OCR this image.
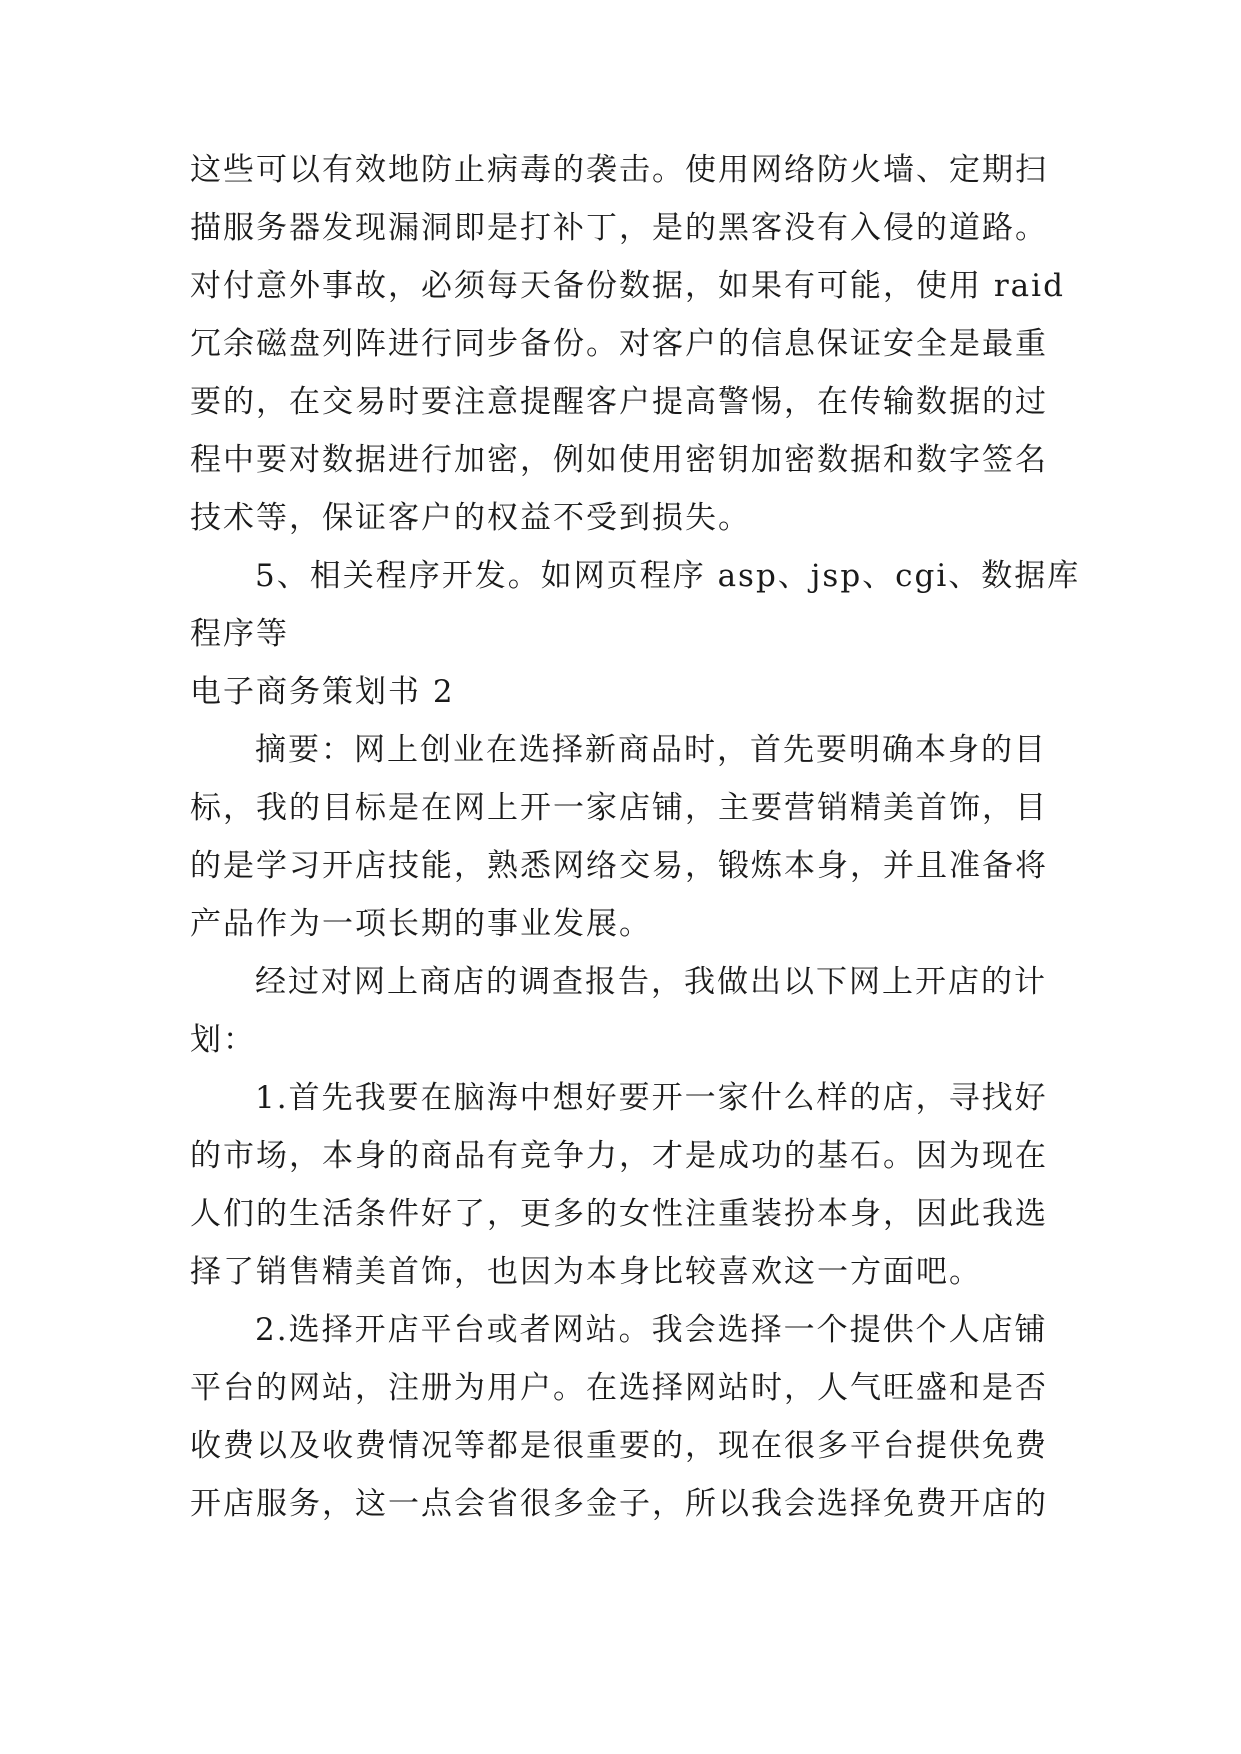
这些可以有效地防止病毒的袭击。使用网络防火墙、定期扫
描服务器发现漏洞即是打补丁，是的黑客没有入侵的道路。
对付意外事故，必须每天备份数据，如果有可能，使用 raid
冗余磁盘列阵进行同步备份。对客户的信息保证安全是最重
要的，在交易时要注意提醒客户提高警惕，在传输数据的过
程中要对数据进行加密，例如使用密钥加密数据和数字签名
技术等，保证客户的权益不受到损失。
5、相关程序开发。如网页程序 asp、jsp、cgi、数据库
程序等
电子商务策划书 2
摘要：网上创业在选择新商品时，首先要明确本身的目
标，我的目标是在网上开一家店铺，主要营销精美首饰，目
的是学习开店技能，熟悉网络交易，锻炼本身，并且准备将
产品作为一项长期的事业发展。
经过对网上商店的调查报告，我做出以下网上开店的计
划：
1.首先我要在脑海中想好要开一家什么样的店，寻找好
的市场，本身的商品有竞争力，才是成功的基石。因为现在
人们的生活条件好了，更多的女性注重装扮本身，因此我选
择了销售精美首饰，也因为本身比较喜欢这一方面吧。
2.选择开店平台或者网站。我会选择一个提供个人店铺
平台的网站，注册为用户。在选择网站时，人气旺盛和是否
收费以及收费情况等都是很重要的，现在很多平台提供免费
开店服务，这一点会省很多金子，所以我会选择免费开店的
